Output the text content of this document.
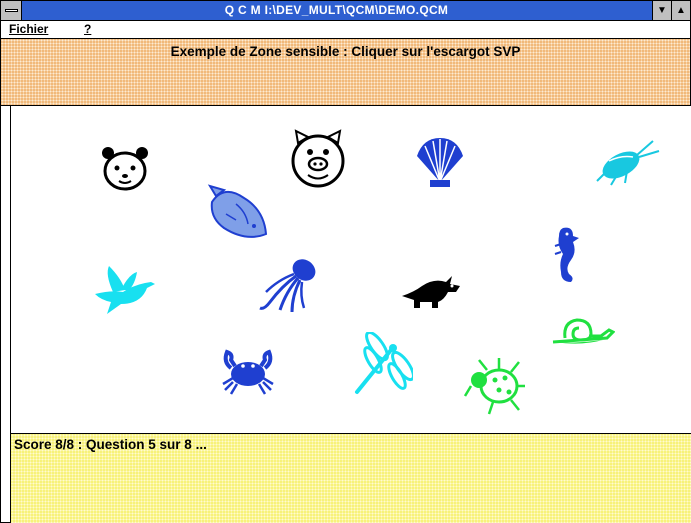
Q C M I:\DEV_MULT\QCM\DEMO.QCM	▼ ▲
Fichier	?
Exemple de Zone sensible : Cliquer sur l'escargot SVP
Score 8/8 : Question 5 sur 8 ...
